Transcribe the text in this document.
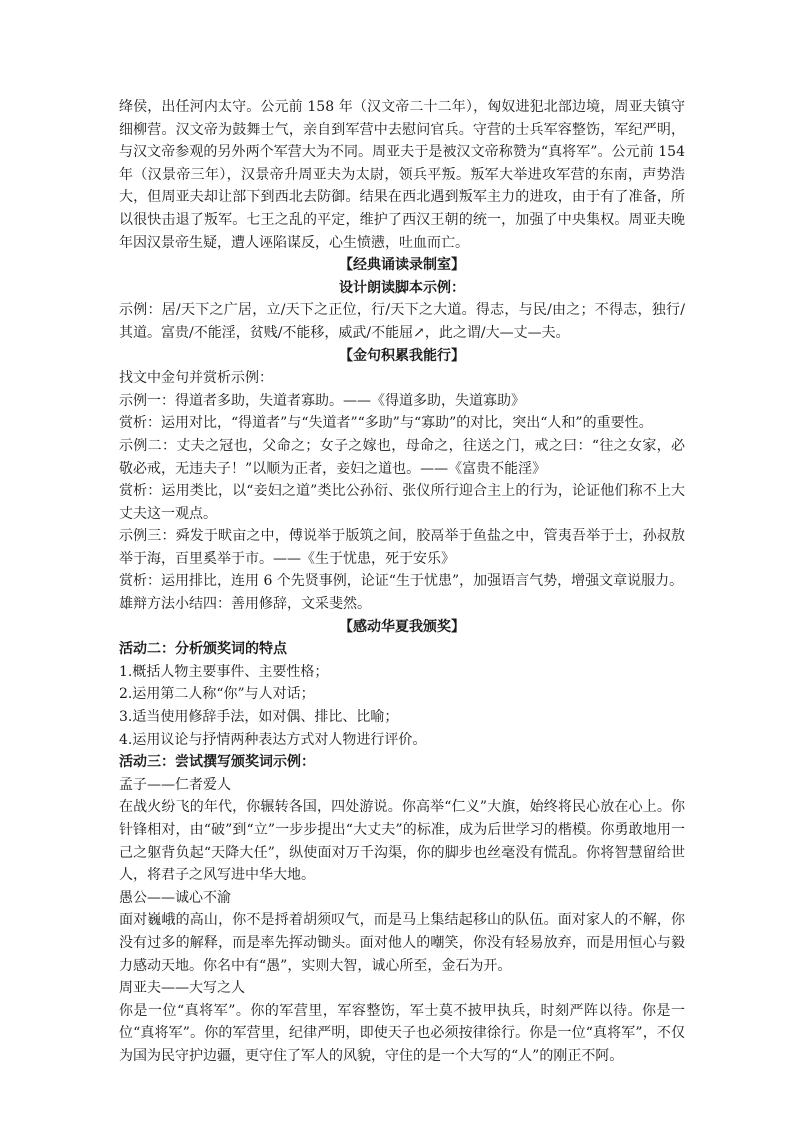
绛侯，出任河内太守。公元前 158 年（汉文帝二十二年），匈奴进犯北部边境，周亚夫镇守细柳营。汉文帝为鼓舞士气，亲自到军营中去慰问官兵。守营的士兵军容整饬，军纪严明，与汉文帝参观的另外两个军营大为不同。周亚夫于是被汉文帝称赞为“真将军”。公元前 154 年（汉景帝三年），汉景帝升周亚夫为太尉，领兵平叛。叛军大举进攻军营的东南，声势浩大，但周亚夫却让部下到西北去防御。结果在西北遇到叛军主力的进攻，由于有了准备，所以很快击退了叛军。七王之乱的平定，维护了西汉王朝的统一，加强了中央集权。周亚夫晚年因汉景帝生疑，遭人诬陷谋反，心生愤懑，吐血而亡。

【经典诵读录制室】

设计朗读脚本示例：

示例：居/天下之广居，立/天下之正位，行/天下之大道。得志，与民/由之；不得志，独行/其道。富贵/不能淫，贫贱/不能移，威武/不能屈↗，此之谓/大—丈—夫。

【金句积累我能行】

找文中金句并赏析示例：

示例一：得道者多助，失道者寡助。——《得道多助，失道寡助》

赏析：运用对比，“得道者”与“失道者”“多助”与“寡助”的对比，突出“人和”的重要性。

示例二：丈夫之冠也，父命之；女子之嫁也，母命之，往送之门，戒之曰：“往之女家，必敬必戒，无违夫子！”以顺为正者，妾妇之道也。——《富贵不能淫》

赏析：运用类比，以“妾妇之道”类比公孙衍、张仪所行迎合主上的行为，论证他们称不上大丈夫这一观点。

示例三：舜发于畎亩之中，傅说举于版筑之间，胶鬲举于鱼盐之中，管夷吾举于士，孙叔敖举于海，百里奚举于市。——《生于忧患，死于安乐》

赏析：运用排比，连用 6 个先贤事例，论证“生于忧患”，加强语言气势，增强文章说服力。

雄辩方法小结四：善用修辞，文采斐然。

【感动华夏我颁奖】

活动二：分析颁奖词的特点

1.概括人物主要事件、主要性格；

2.运用第二人称“你”与人对话；

3.适当使用修辞手法，如对偶、排比、比喻；

4.运用议论与抒情两种表达方式对人物进行评价。

活动三：尝试撰写颁奖词示例：

孟子——仁者爱人

在战火纷飞的年代，你辗转各国，四处游说。你高举“仁义”大旗，始终将民心放在心上。你针锋相对，由“破”到“立”一步步提出“大丈夫”的标准，成为后世学习的楷模。你勇敢地用一己之躯背负起“天降大任”，纵使面对万千沟渠，你的脚步也丝毫没有慌乱。你将智慧留给世人，将君子之风写进中华大地。

愚公——诚心不渝

面对巍峨的高山，你不是捋着胡须叹气，而是马上集结起移山的队伍。面对家人的不解，你没有过多的解释，而是率先挥动锄头。面对他人的嘲笑，你没有轻易放弃，而是用恒心与毅力感动天地。你名中有“愚”，实则大智，诚心所至，金石为开。

周亚夫——大写之人

你是一位“真将军”。你的军营里，军容整饬，军士莫不披甲执兵，时刻严阵以待。你是一位“真将军”。你的军营里，纪律严明，即使天子也必须按律徐行。你是一位“真将军”，不仅为国为民守护边疆，更守住了军人的风貌，守住的是一个大写的“人”的刚正不阿。
